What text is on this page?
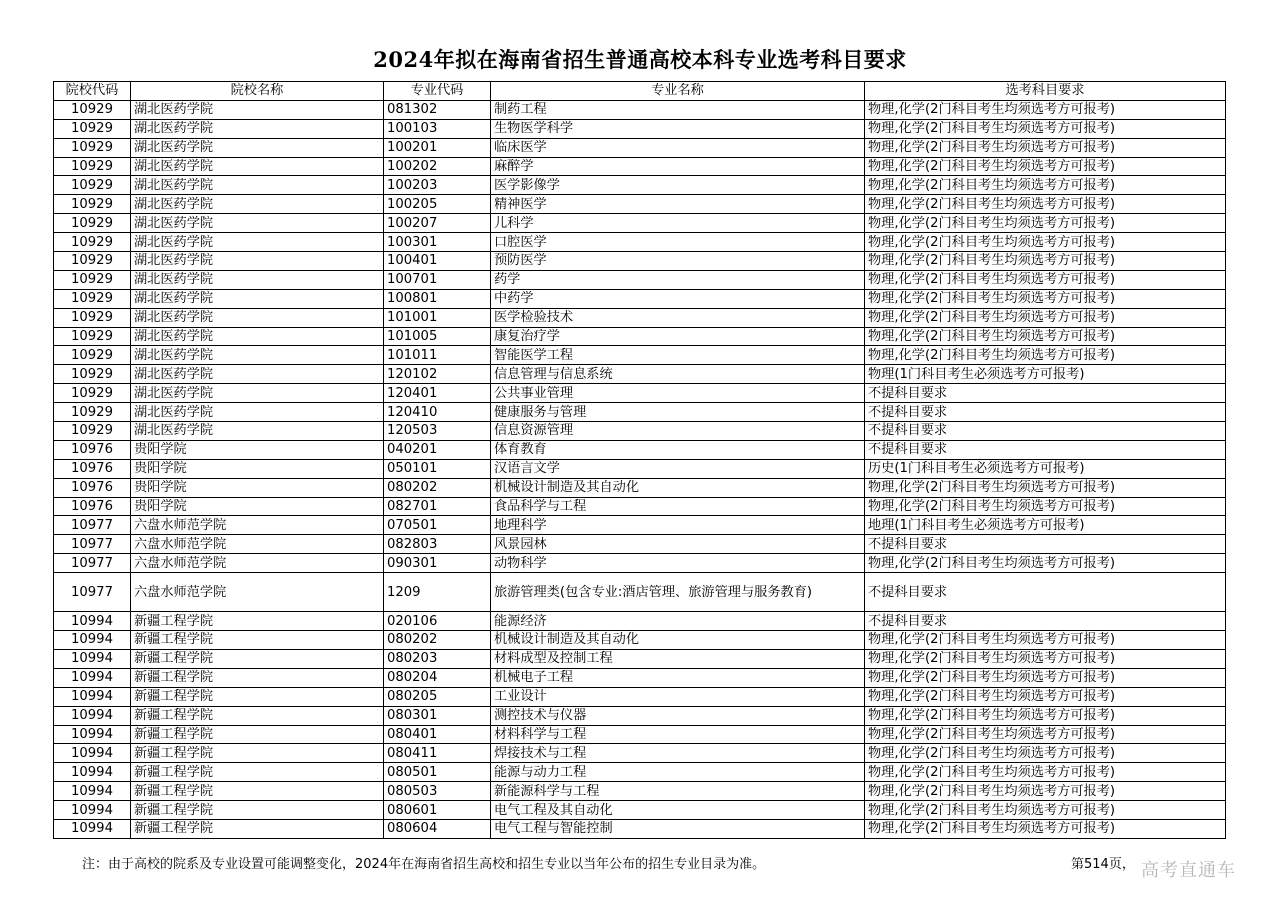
2024年拟在海南省招生普通高校本科专业选考科目要求
院校代码	院校名称	专业代码	专业名称	选考科目要求
10929	湖北医药学院	081302	制药工程	物理,化学(2门科目考生均须选考方可报考)
10929	湖北医药学院	100103	生物医学科学	物理,化学(2门科目考生均须选考方可报考)
10929	湖北医药学院	100201	临床医学	物理,化学(2门科目考生均须选考方可报考)
10929	湖北医药学院	100202	麻醉学	物理,化学(2门科目考生均须选考方可报考)
10929	湖北医药学院	100203	医学影像学	物理,化学(2门科目考生均须选考方可报考)
10929	湖北医药学院	100205	精神医学	物理,化学(2门科目考生均须选考方可报考)
10929	湖北医药学院	100207	儿科学	物理,化学(2门科目考生均须选考方可报考)
10929	湖北医药学院	100301	口腔医学	物理,化学(2门科目考生均须选考方可报考)
10929	湖北医药学院	100401	预防医学	物理,化学(2门科目考生均须选考方可报考)
10929	湖北医药学院	100701	药学	物理,化学(2门科目考生均须选考方可报考)
10929	湖北医药学院	100801	中药学	物理,化学(2门科目考生均须选考方可报考)
10929	湖北医药学院	101001	医学检验技术	物理,化学(2门科目考生均须选考方可报考)
10929	湖北医药学院	101005	康复治疗学	物理,化学(2门科目考生均须选考方可报考)
10929	湖北医药学院	101011	智能医学工程	物理,化学(2门科目考生均须选考方可报考)
10929	湖北医药学院	120102	信息管理与信息系统	物理(1门科目考生必须选考方可报考)
10929	湖北医药学院	120401	公共事业管理	不提科目要求
10929	湖北医药学院	120410	健康服务与管理	不提科目要求
10929	湖北医药学院	120503	信息资源管理	不提科目要求
10976	贵阳学院	040201	体育教育	不提科目要求
10976	贵阳学院	050101	汉语言文学	历史(1门科目考生必须选考方可报考)
10976	贵阳学院	080202	机械设计制造及其自动化	物理,化学(2门科目考生均须选考方可报考)
10976	贵阳学院	082701	食品科学与工程	物理,化学(2门科目考生均须选考方可报考)
10977	六盘水师范学院	070501	地理科学	地理(1门科目考生必须选考方可报考)
10977	六盘水师范学院	082803	风景园林	不提科目要求
10977	六盘水师范学院	090301	动物科学	物理,化学(2门科目考生均须选考方可报考)
10977	六盘水师范学院	1209	旅游管理类(包含专业:酒店管理、旅游管理与服务教育)	不提科目要求
10994	新疆工程学院	020106	能源经济	不提科目要求
10994	新疆工程学院	080202	机械设计制造及其自动化	物理,化学(2门科目考生均须选考方可报考)
10994	新疆工程学院	080203	材料成型及控制工程	物理,化学(2门科目考生均须选考方可报考)
10994	新疆工程学院	080204	机械电子工程	物理,化学(2门科目考生均须选考方可报考)
10994	新疆工程学院	080205	工业设计	物理,化学(2门科目考生均须选考方可报考)
10994	新疆工程学院	080301	测控技术与仪器	物理,化学(2门科目考生均须选考方可报考)
10994	新疆工程学院	080401	材料科学与工程	物理,化学(2门科目考生均须选考方可报考)
10994	新疆工程学院	080411	焊接技术与工程	物理,化学(2门科目考生均须选考方可报考)
10994	新疆工程学院	080501	能源与动力工程	物理,化学(2门科目考生均须选考方可报考)
10994	新疆工程学院	080503	新能源科学与工程	物理,化学(2门科目考生均须选考方可报考)
10994	新疆工程学院	080601	电气工程及其自动化	物理,化学(2门科目考生均须选考方可报考)
10994	新疆工程学院	080604	电气工程与智能控制	物理,化学(2门科目考生均须选考方可报考)
注：由于高校的院系及专业设置可能调整变化，2024年在海南省招生高校和招生专业以当年公布的招生专业目录为准。	第514页， 高考直通车
